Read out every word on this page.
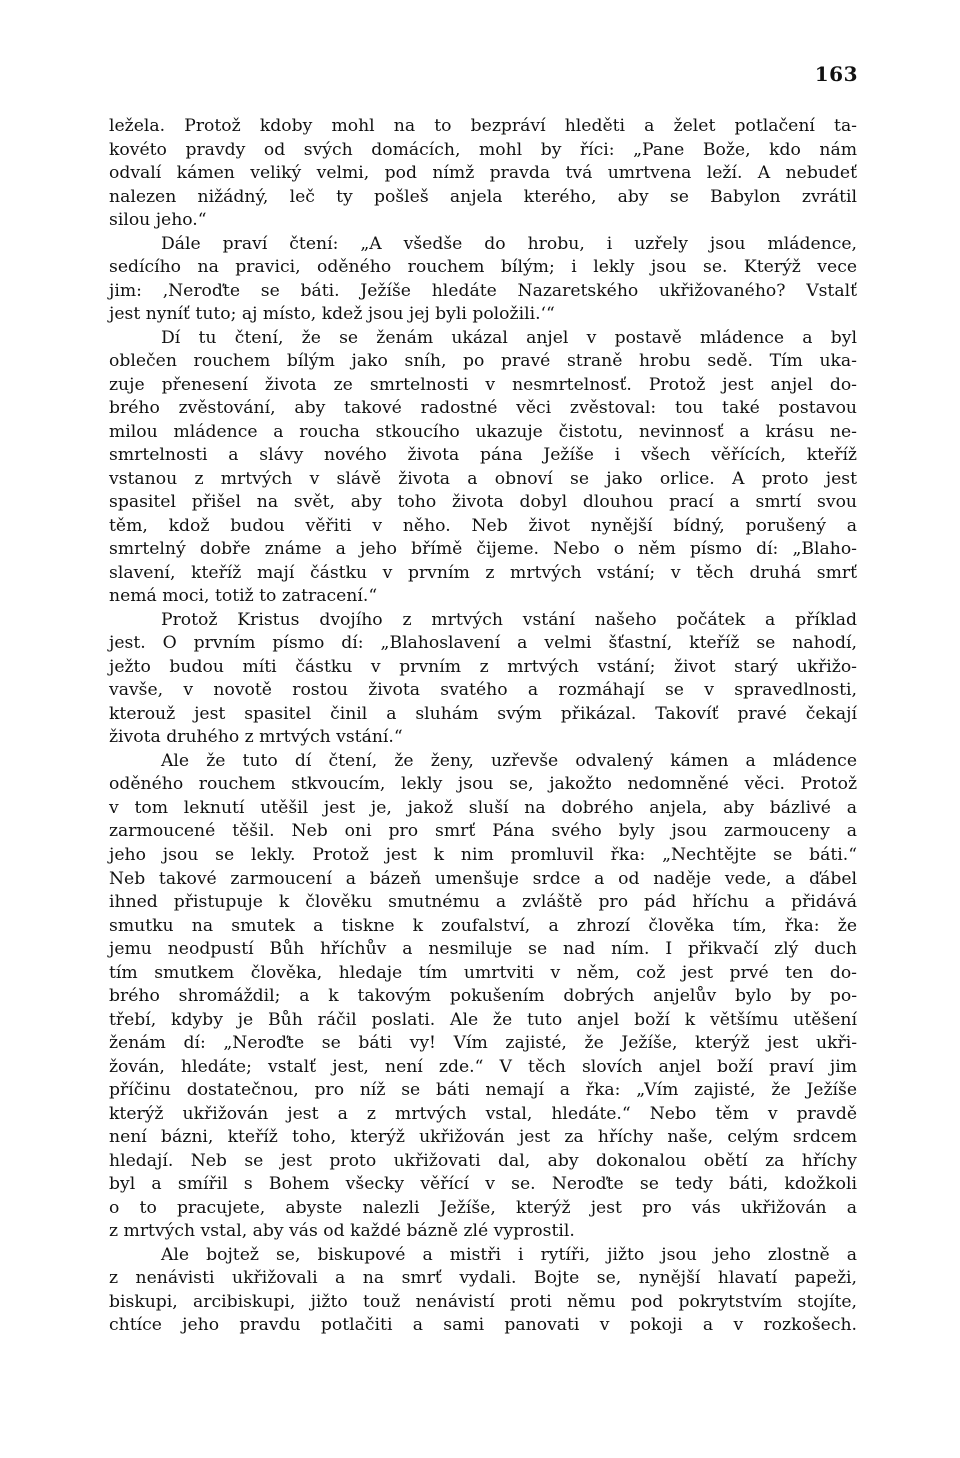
163
ležela. Protož kdoby mohl na to bezpráví hleděti a želet potlačení ta-
kovéto pravdy od svých domácích, mohl by říci: „Pane Bože, kdo nám
odvalí kámen veliký velmi, pod nímž pravda tvá umrtvena leží. A nebudeť
nalezen nižádný, leč ty pošleš anjela kterého, aby se Babylon zvrátil
silou jeho.“
Dále praví čtení: „A všedše do hrobu, i uzřely jsou mládence,
sedícího na pravici, oděného rouchem bílým; i lekly jsou se. Kterýž vece
jim: ‚Neroďte se báti. Ježíše hledáte Nazaretského ukřižovaného? Vstalť
jest nyníť tuto; aj místo, kdež jsou jej byli položili.‘“
Dí tu čtení, že se ženám ukázal anjel v postavě mládence a byl
oblečen rouchem bílým jako sníh, po pravé straně hrobu sedě. Tím uka-
zuje přenesení života ze smrtelnosti v nesmrtelnosť. Protož jest anjel do-
brého zvěstování, aby takové radostné věci zvěstoval: tou také postavou
milou mládence a roucha stkoucího ukazuje čistotu, nevinnosť a krásu ne-
smrtelnosti a slávy nového života pána Ježíše i všech věřících, kteříž
vstanou z mrtvých v slávě života a obnoví se jako orlice. A proto jest
spasitel přišel na svět, aby toho života dobyl dlouhou prací a smrtí svou
těm, kdož budou věřiti v něho. Neb život nynější bídný, porušený a
smrtelný dobře známe a jeho břímě čijeme. Nebo o něm písmo dí: „Blaho-
slavení, kteříž mají částku v prvním z mrtvých vstání; v těch druhá smrť
nemá moci, totiž to zatracení.“
Protož Kristus dvojího z mrtvých vstání našeho počátek a příklad
jest. O prvním písmo dí: „Blahoslavení a velmi šťastní, kteříž se nahodí,
ježto budou míti částku v prvním z mrtvých vstání; život starý ukřižo-
vavše, v novotě rostou života svatého a rozmáhají se v spravedlnosti,
kterouž jest spasitel činil a sluhám svým přikázal. Takovíť pravé čekají
života druhého z mrtvých vstání.“
Ale že tuto dí čtení, že ženy, uzřevše odvalený kámen a mládence
oděného rouchem stkvoucím, lekly jsou se, jakožto nedomněné věci. Protož
v tom leknutí utěšil jest je, jakož sluší na dobrého anjela, aby bázlivé a
zarmoucené těšil. Neb oni pro smrť Pána svého byly jsou zarmouceny a
jeho jsou se lekly. Protož jest k nim promluvil řka: „Nechtějte se báti.“
Neb takové zarmoucení a bázeň umenšuje srdce a od naděje vede, a ďábel
ihned přistupuje k člověku smutnému a zvláště pro pád hříchu a přidává
smutku na smutek a tiskne k zoufalství, a zhrozí člověka tím, řka: že
jemu neodpustí Bůh hříchův a nesmiluje se nad ním. I přikvačí zlý duch
tím smutkem člověka, hledaje tím umrtviti v něm, což jest prvé ten do-
brého shromáždil; a k takovým pokušením dobrých anjelův bylo by po-
třebí, kdyby je Bůh ráčil poslati. Ale že tuto anjel boží k většímu utěšení
ženám dí: „Neroďte se báti vy! Vím zajisté, že Ježíše, kterýž jest ukři-
žován, hledáte; vstalť jest, není zde.“ V těch slovích anjel boží praví jim
příčinu dostatečnou, pro níž se báti nemají a řka: „Vím zajisté, že Ježíše
kterýž ukřižován jest a z mrtvých vstal, hledáte.“ Nebo těm v pravdě
není bázni, kteříž toho, kterýž ukřižován jest za hříchy naše, celým srdcem
hledají. Neb se jest proto ukřižovati dal, aby dokonalou obětí za hříchy
byl a smířil s Bohem všecky věřící v se. Neroďte se tedy báti, kdožkoli
o to pracujete, abyste nalezli Ježíše, kterýž jest pro vás ukřižován a
z mrtvých vstal, aby vás od každé bázně zlé vyprostil.
Ale bojtež se, biskupové a mistři i rytíři, jižto jsou jeho zlostně a
z nenávisti ukřižovali a na smrť vydali. Bojte se, nynější hlavatí papeži,
biskupi, arcibiskupi, jižto touž nenávistí proti němu pod pokrytstvím stojíte,
chtíce jeho pravdu potlačiti a sami panovati v pokoji a v rozkošech.
